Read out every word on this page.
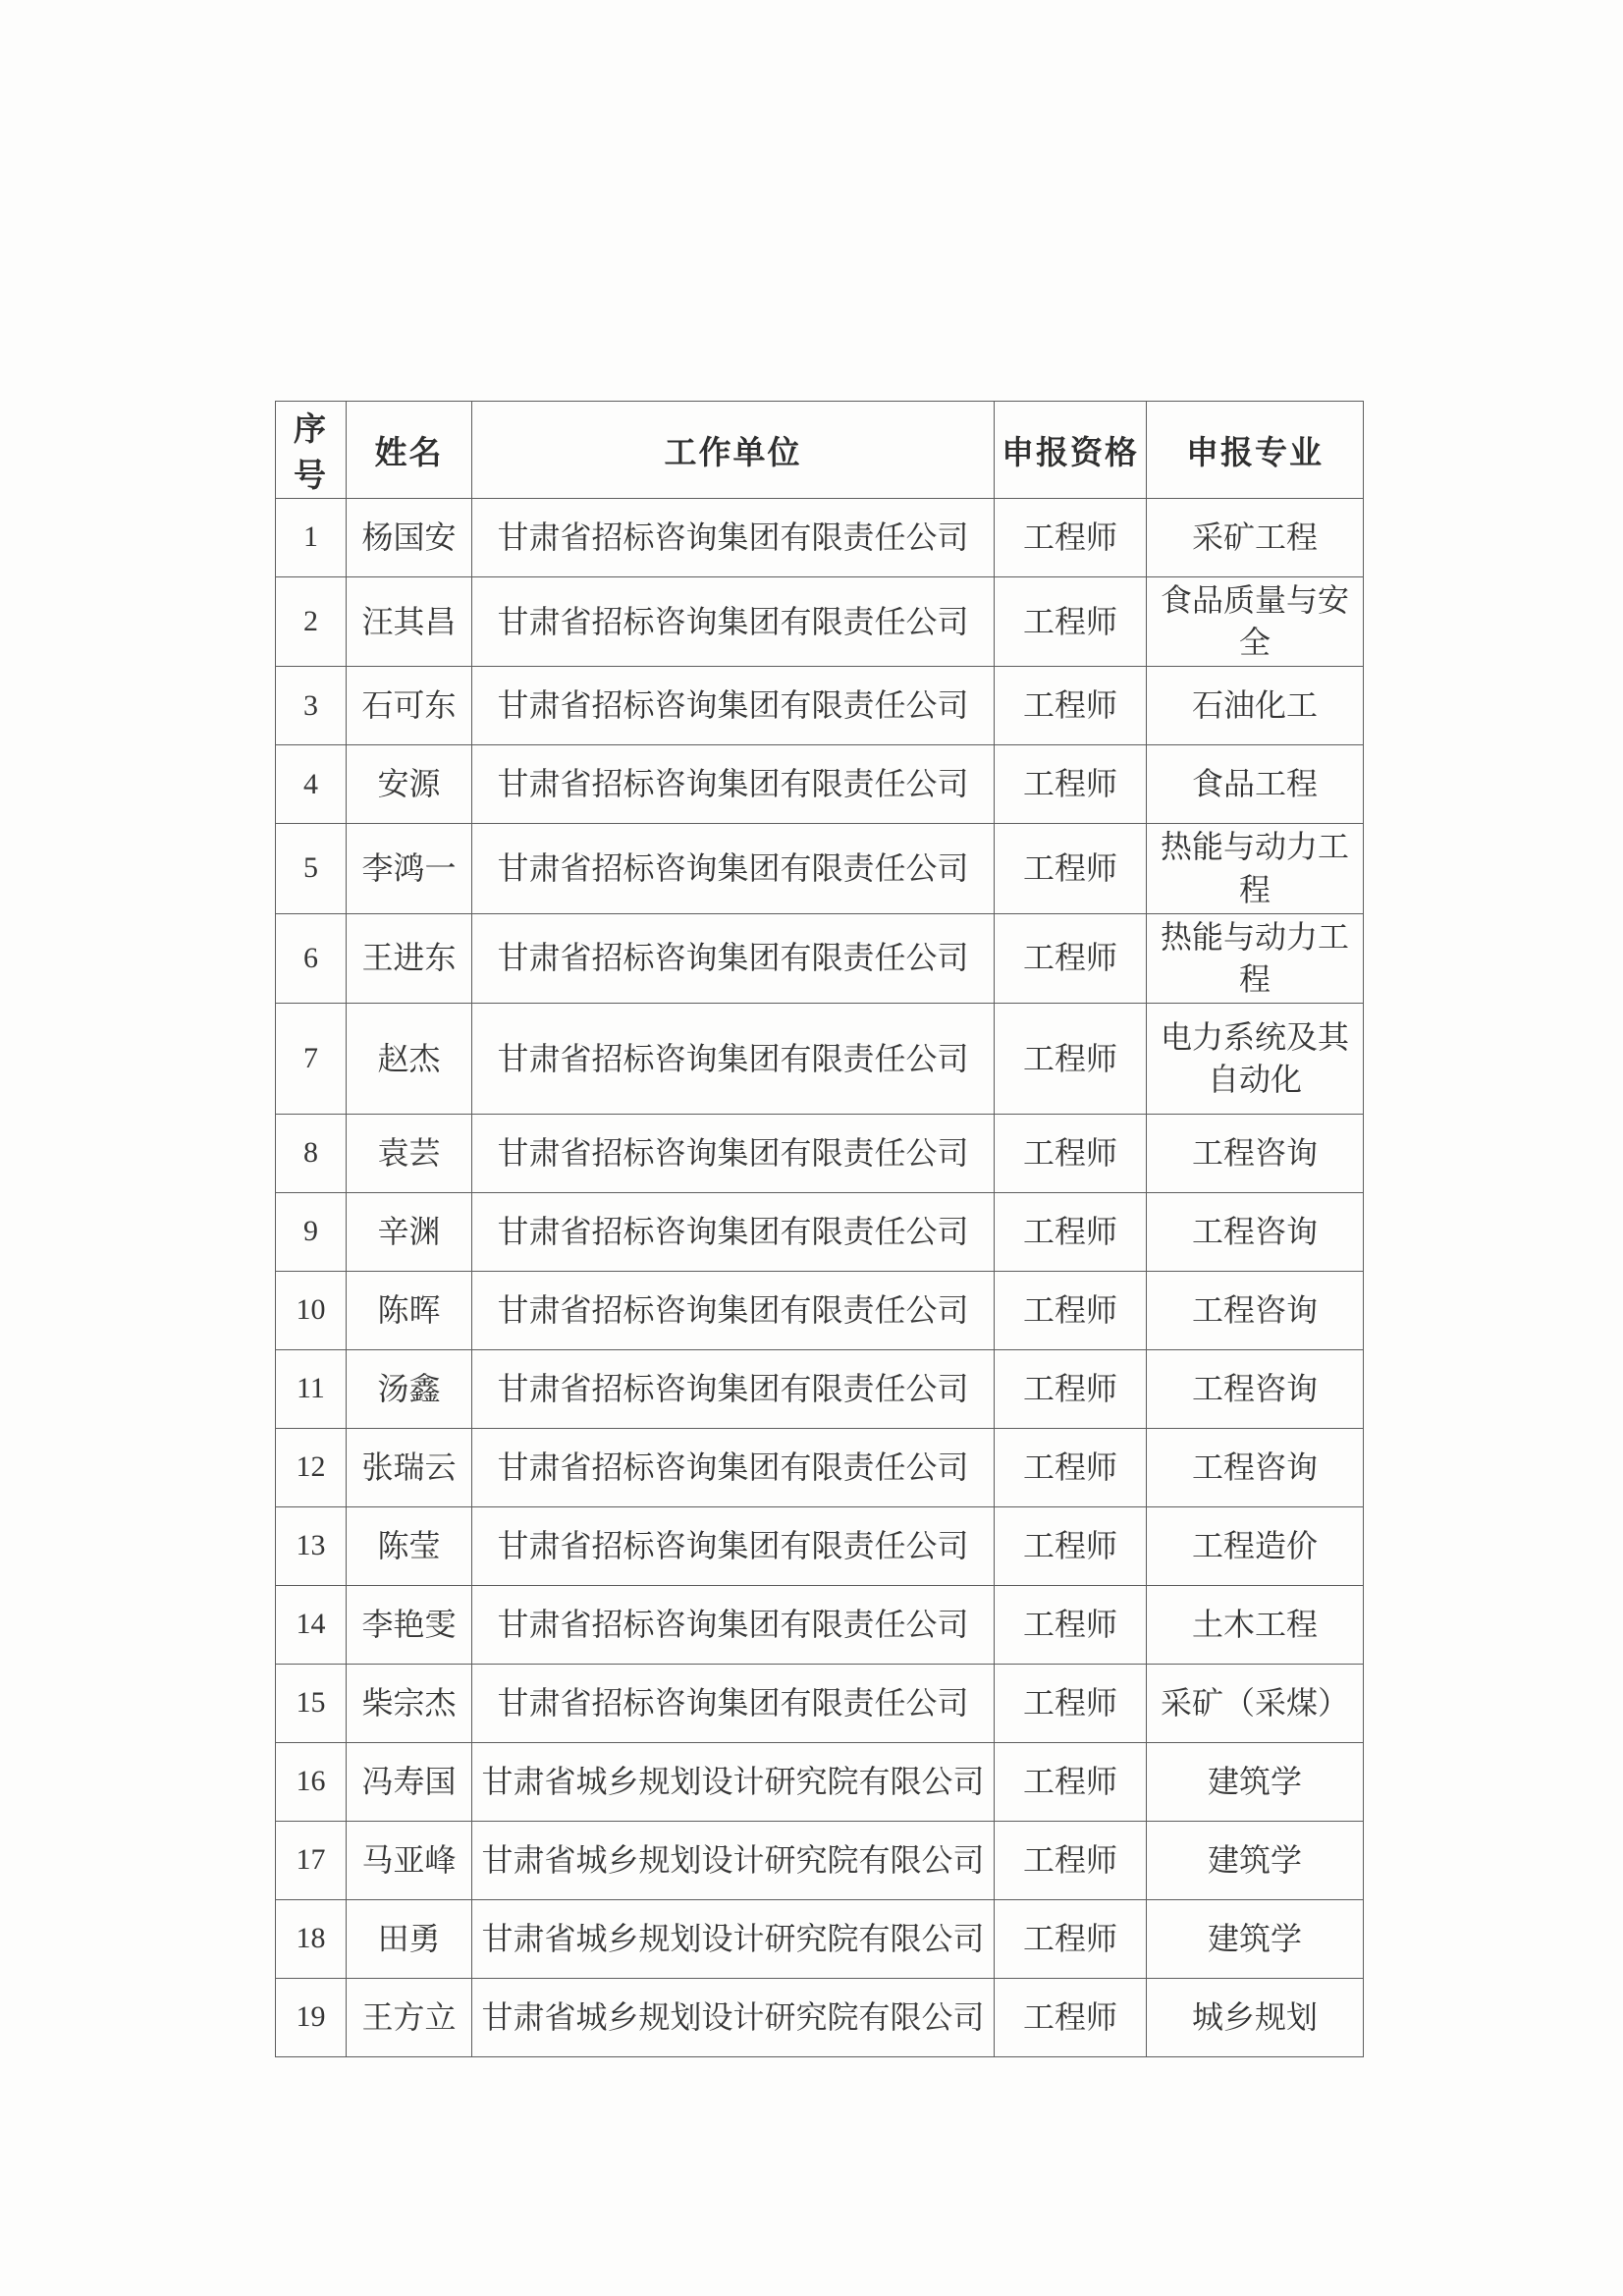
序号	姓名	工作单位	申报资格	申报专业
1	杨国安	甘肃省招标咨询集团有限责任公司	工程师	采矿工程
2	汪其昌	甘肃省招标咨询集团有限责任公司	工程师	食品质量与安全
3	石可东	甘肃省招标咨询集团有限责任公司	工程师	石油化工
4	安源	甘肃省招标咨询集团有限责任公司	工程师	食品工程
5	李鸿一	甘肃省招标咨询集团有限责任公司	工程师	热能与动力工程
6	王进东	甘肃省招标咨询集团有限责任公司	工程师	热能与动力工程
7	赵杰	甘肃省招标咨询集团有限责任公司	工程师	电力系统及其自动化
8	袁芸	甘肃省招标咨询集团有限责任公司	工程师	工程咨询
9	辛渊	甘肃省招标咨询集团有限责任公司	工程师	工程咨询
10	陈晖	甘肃省招标咨询集团有限责任公司	工程师	工程咨询
11	汤鑫	甘肃省招标咨询集团有限责任公司	工程师	工程咨询
12	张瑞云	甘肃省招标咨询集团有限责任公司	工程师	工程咨询
13	陈莹	甘肃省招标咨询集团有限责任公司	工程师	工程造价
14	李艳雯	甘肃省招标咨询集团有限责任公司	工程师	土木工程
15	柴宗杰	甘肃省招标咨询集团有限责任公司	工程师	采矿（采煤）
16	冯寿国	甘肃省城乡规划设计研究院有限公司	工程师	建筑学
17	马亚峰	甘肃省城乡规划设计研究院有限公司	工程师	建筑学
18	田勇	甘肃省城乡规划设计研究院有限公司	工程师	建筑学
19	王方立	甘肃省城乡规划设计研究院有限公司	工程师	城乡规划
